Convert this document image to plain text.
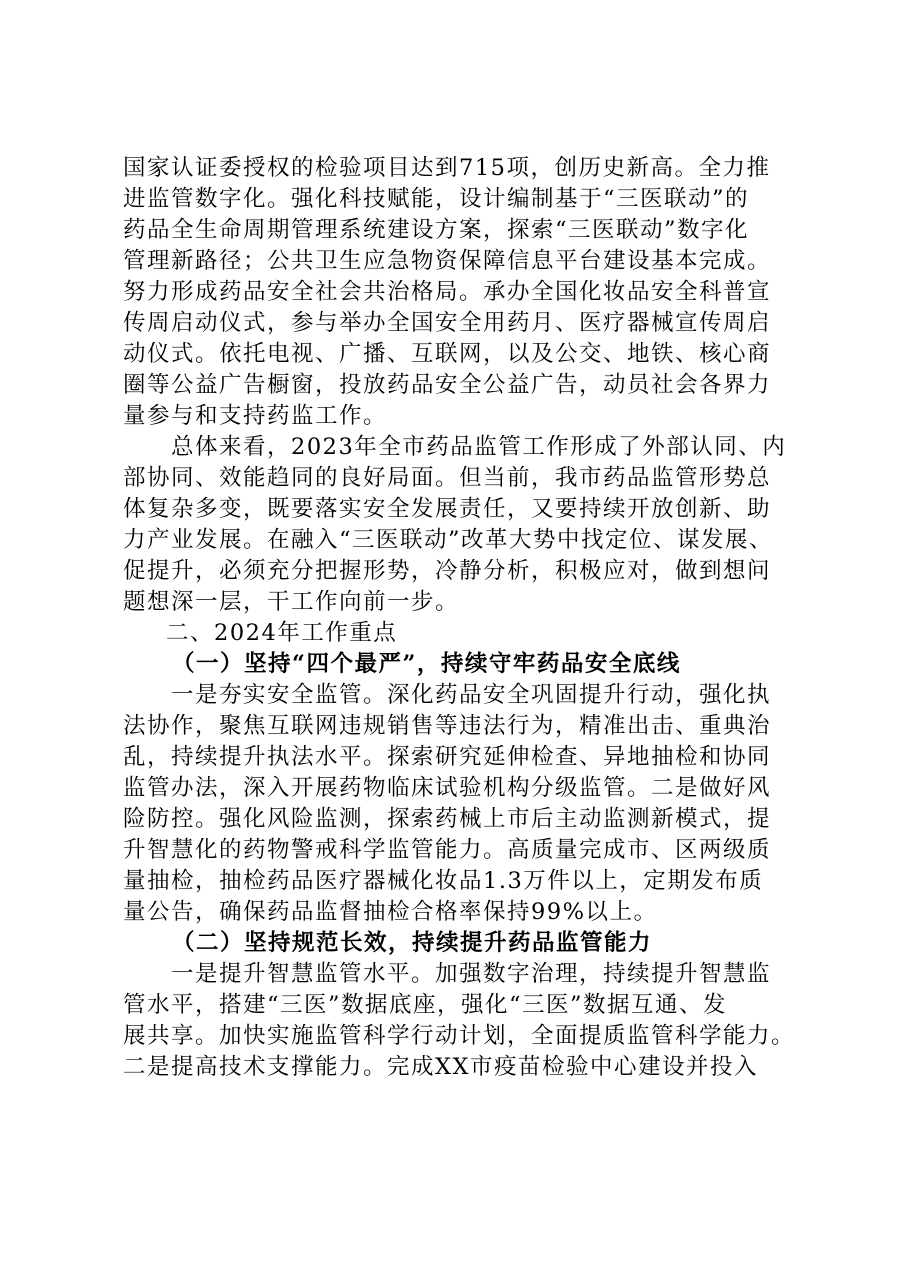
国家认证委授权的检验项目达到715项，创历史新高。全力推
进监管数字化。强化科技赋能，设计编制基于“三医联动”的
药品全生命周期管理系统建设方案，探索“三医联动”数字化
管理新路径；公共卫生应急物资保障信息平台建设基本完成。
努力形成药品安全社会共治格局。承办全国化妆品安全科普宣
传周启动仪式，参与举办全国安全用药月、医疗器械宣传周启
动仪式。依托电视、广播、互联网，以及公交、地铁、核心商
圈等公益广告橱窗，投放药品安全公益广告，动员社会各界力
量参与和支持药监工作。
总体来看，2023年全市药品监管工作形成了外部认同、内
部协同、效能趋同的良好局面。但当前，我市药品监管形势总
体复杂多变，既要落实安全发展责任，又要持续开放创新、助
力产业发展。在融入“三医联动”改革大势中找定位、谋发展、
促提升，必须充分把握形势，冷静分析，积极应对，做到想问
题想深一层，干工作向前一步。
二、2024年工作重点
（一）坚持“四个最严”，持续守牢药品安全底线
一是夯实安全监管。深化药品安全巩固提升行动，强化执
法协作，聚焦互联网违规销售等违法行为，精准出击、重典治
乱，持续提升执法水平。探索研究延伸检查、异地抽检和协同
监管办法，深入开展药物临床试验机构分级监管。二是做好风
险防控。强化风险监测，探索药械上市后主动监测新模式，提
升智慧化的药物警戒科学监管能力。高质量完成市、区两级质
量抽检，抽检药品医疗器械化妆品1.3万件以上，定期发布质
量公告，确保药品监督抽检合格率保持99%以上。
（二）坚持规范长效，持续提升药品监管能力
一是提升智慧监管水平。加强数字治理，持续提升智慧监
管水平，搭建“三医”数据底座，强化“三医”数据互通、发
展共享。加快实施监管科学行动计划，全面提质监管科学能力。
二是提高技术支撑能力。完成XX市疫苗检验中心建设并投入
